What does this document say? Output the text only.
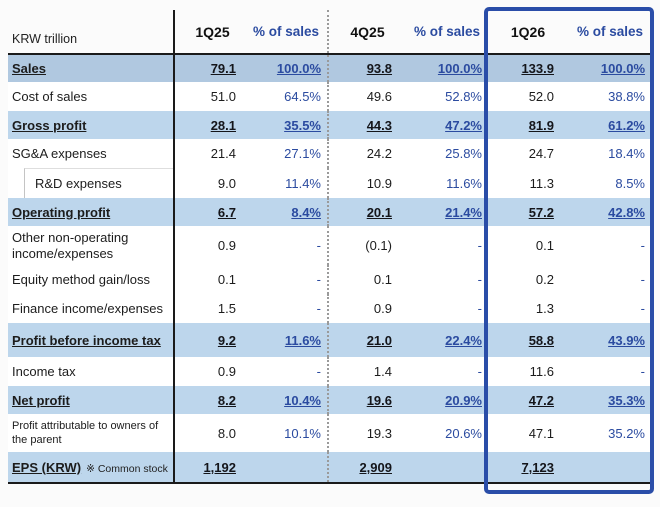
KRW trillion	1Q25	% of sales	4Q25	% of sales	1Q26	% of sales

Sales	79.1	100.0%	93.8	100.0%	133.9	100.0%

Cost of sales	51.0	64.5%	49.6	52.8%	52.0	38.8%

Gross profit	28.1	35.5%	44.3	47.2%	81.9	61.2%

SG&A expenses	21.4	27.1%	24.2	25.8%	24.7	18.4%

R&D expenses	9.0	11.4%	10.9	11.6%	11.3	8.5%

Operating profit	6.7	8.4%	20.1	21.4%	57.2	42.8%

Other non-operating income/expenses	0.9	-	(0.1)	-	0.1	-

Equity method gain/loss	0.1	-	0.1	-	0.2	-

Finance income/expenses	1.5	-	0.9	-	1.3	-

Profit before income tax	9.2	11.6%	21.0	22.4%	58.8	43.9%

Income tax	0.9	-	1.4	-	11.6	-

Net profit	8.2	10.4%	19.6	20.9%	47.2	35.3%

Profit attributable to owners of the parent	8.0	10.1%	19.3	20.6%	47.1	35.2%

EPS (KRW) ※ Common stock	1,192		2,909		7,123	
